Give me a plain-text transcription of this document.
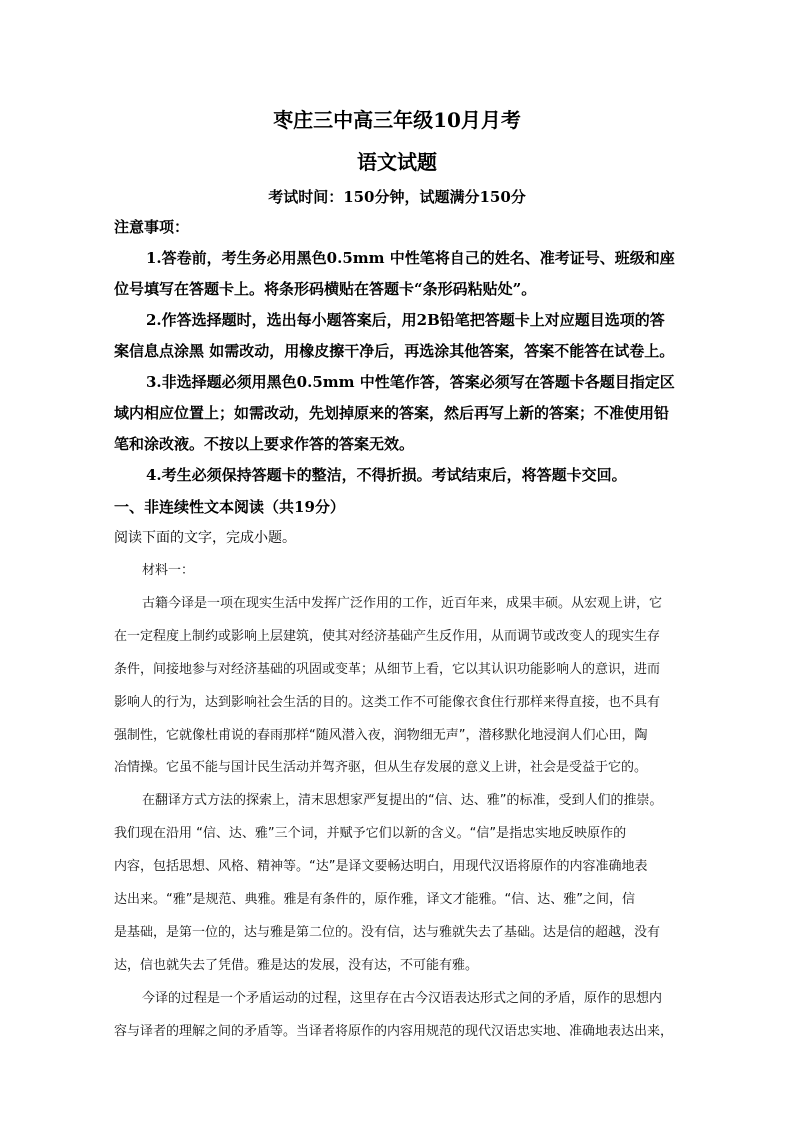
枣庄三中高三年级10月月考
语文试题
考试时间：150分钟，试题满分150分
注意事项：
1.答卷前，考生务必用黑色0.5mm 中性笔将自己的姓名、准考证号、班级和座
位号填写在答题卡上。将条形码横贴在答题卡“条形码粘贴处”。
2.作答选择题时，选出每小题答案后，用2B铅笔把答题卡上对应题目选项的答
案信息点涂黑 如需改动，用橡皮擦干净后，再选涂其他答案，答案不能答在试卷上。
3.非选择题必须用黑色0.5mm 中性笔作答，答案必须写在答题卡各题目指定区
域内相应位置上；如需改动，先划掉原来的答案，然后再写上新的答案；不准使用铅
笔和涂改液。不按以上要求作答的答案无效。
4.考生必须保持答题卡的整洁，不得折损。考试结束后，将答题卡交回。
一、非连续性文本阅读（共19分）
阅读下面的文字，完成小题。
材料一：
古籍今译是一项在现实生活中发挥广泛作用的工作，近百年来，成果丰硕。从宏观上讲，它
在一定程度上制约或影响上层建筑，使其对经济基础产生反作用，从而调节或改变人的现实生存
条件，间接地参与对经济基础的巩固或变革；从细节上看，它以其认识功能影响人的意识，进而
影响人的行为，达到影响社会生活的目的。这类工作不可能像衣食住行那样来得直接，也不具有
强制性，它就像杜甫说的春雨那样“随风潜入夜，润物细无声”，潜移默化地浸润人们心田，陶
冶情操。它虽不能与国计民生活动并驾齐驱，但从生存发展的意义上讲，社会是受益于它的。
在翻译方式方法的探索上，清末思想家严复提出的“信、达、雅”的标准，受到人们的推崇。
我们现在沿用 “信、达、雅”三个词，并赋予它们以新的含义。“信”是指忠实地反映原作的
内容，包括思想、风格、精神等。“达”是译文要畅达明白，用现代汉语将原作的内容准确地表
达出来。“雅”是规范、典雅。雅是有条件的，原作雅，译文才能雅。“信、达、雅”之间，信
是基础，是第一位的，达与雅是第二位的。没有信，达与雅就失去了基础。达是信的超越，没有
达，信也就失去了凭借。雅是达的发展，没有达，不可能有雅。
今译的过程是一个矛盾运动的过程，这里存在古今汉语表达形式之间的矛盾，原作的思想内
容与译者的理解之间的矛盾等。当译者将原作的内容用规范的现代汉语忠实地、准确地表达出来，
